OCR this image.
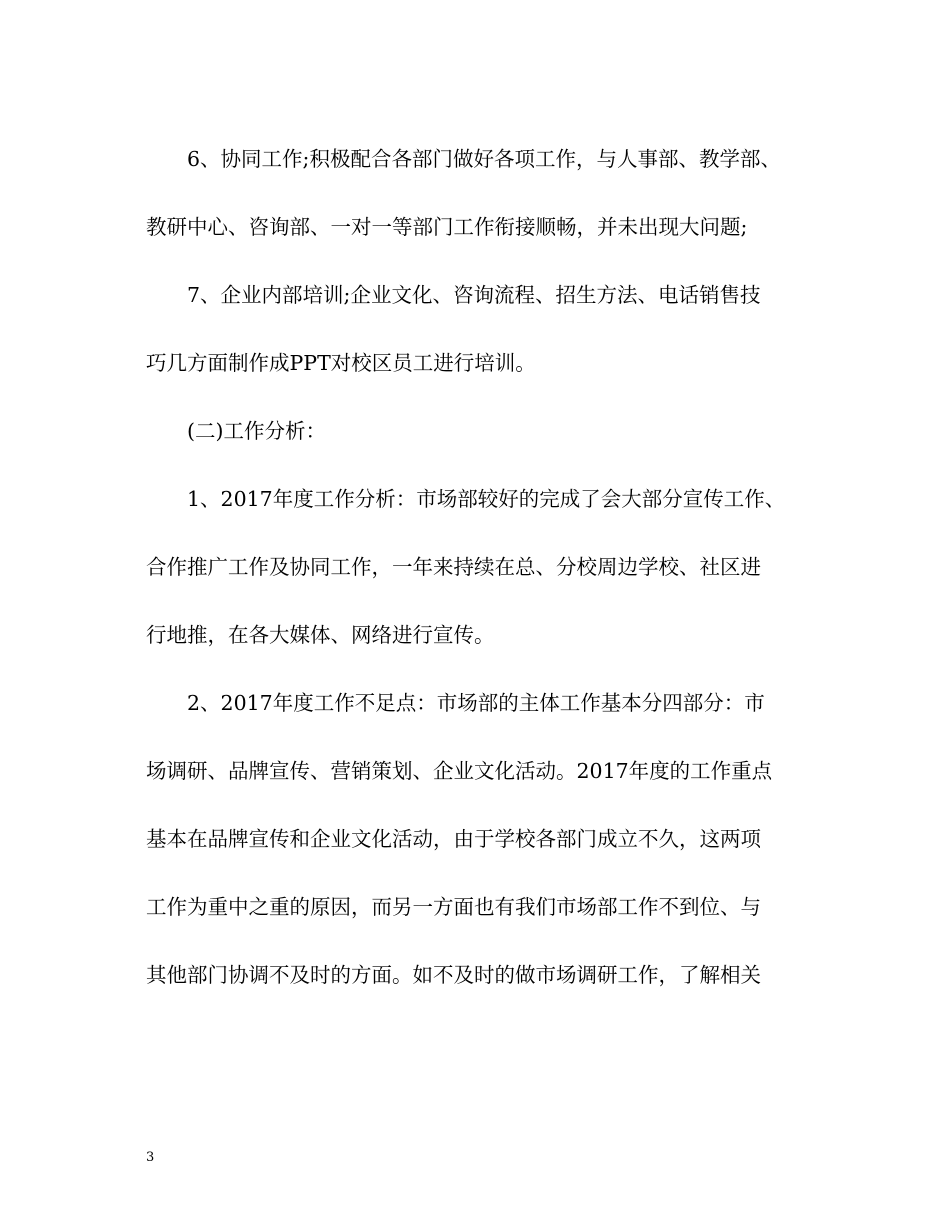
6、协同工作;积极配合各部门做好各项工作，与人事部、教学部、
教研中心、咨询部、一对一等部门工作衔接顺畅，并未出现大问题;
7、企业内部培训;企业文化、咨询流程、招生方法、电话销售技
巧几方面制作成PPT对校区员工进行培训。
(二)工作分析：
1、2017年度工作分析：市场部较好的完成了会大部分宣传工作、
合作推广工作及协同工作，一年来持续在总、分校周边学校、社区进
行地推，在各大媒体、网络进行宣传。
2、2017年度工作不足点：市场部的主体工作基本分四部分：市
场调研、品牌宣传、营销策划、企业文化活动。2017年度的工作重点
基本在品牌宣传和企业文化活动，由于学校各部门成立不久，这两项
工作为重中之重的原因，而另一方面也有我们市场部工作不到位、与
其他部门协调不及时的方面。如不及时的做市场调研工作，了解相关
3
